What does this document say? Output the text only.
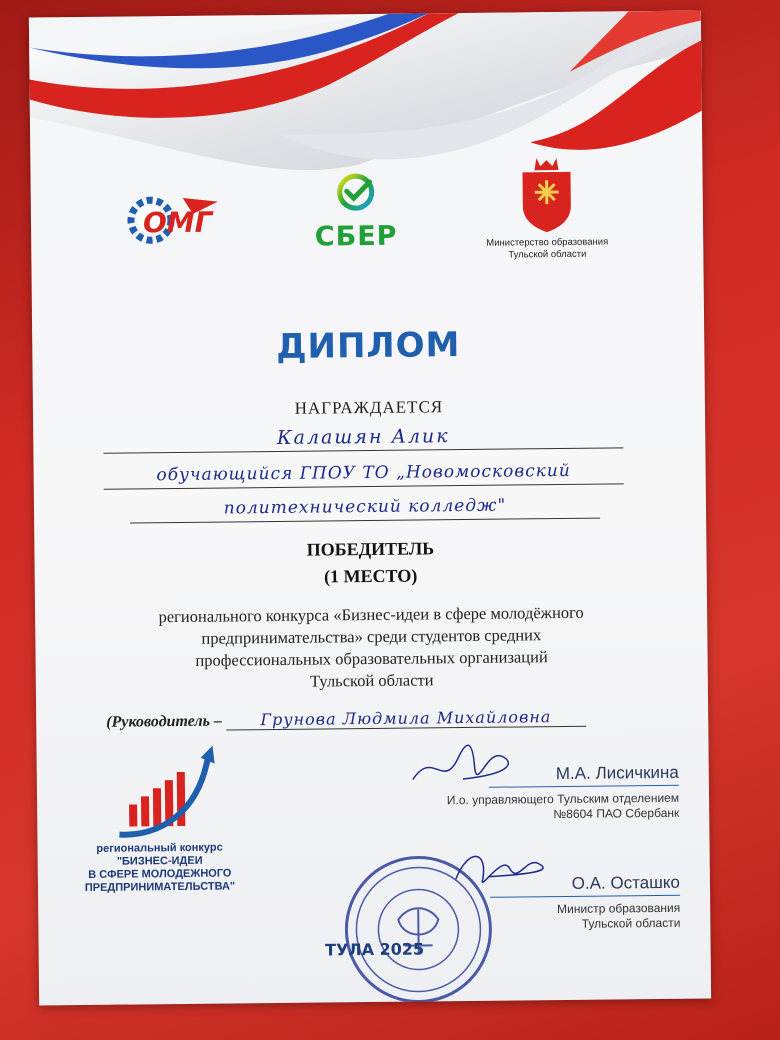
ОМГ	СБЕР	Министерство образования
Тульской области
ДИПЛОМ
НАГРАЖДАЕТСЯ
Калашян Алик
обучающийся ГПОУ ТО „Новомосковский
политехнический колледж"
ПОБЕДИТЕЛЬ
(1 МЕСТО)
регионального конкурса «Бизнес-идеи в сфере молодёжного
предпринимательства» среди студентов средних
профессиональных образовательных организаций
Тульской области
(Руководитель – Грунова Людмила Михайловна
региональный конкурс
"БИЗНЕС-ИДЕИ
В СФЕРЕ МОЛОДЕЖНОГО
ПРЕДПРИНИМАТЕЛЬСТВА"
М.А. Лисичкина
И.о. управляющего Тульским отделением
№8604 ПАО Сбербанк
О.А. Осташко
Министр образования
Тульской области
ТУЛА 2025
